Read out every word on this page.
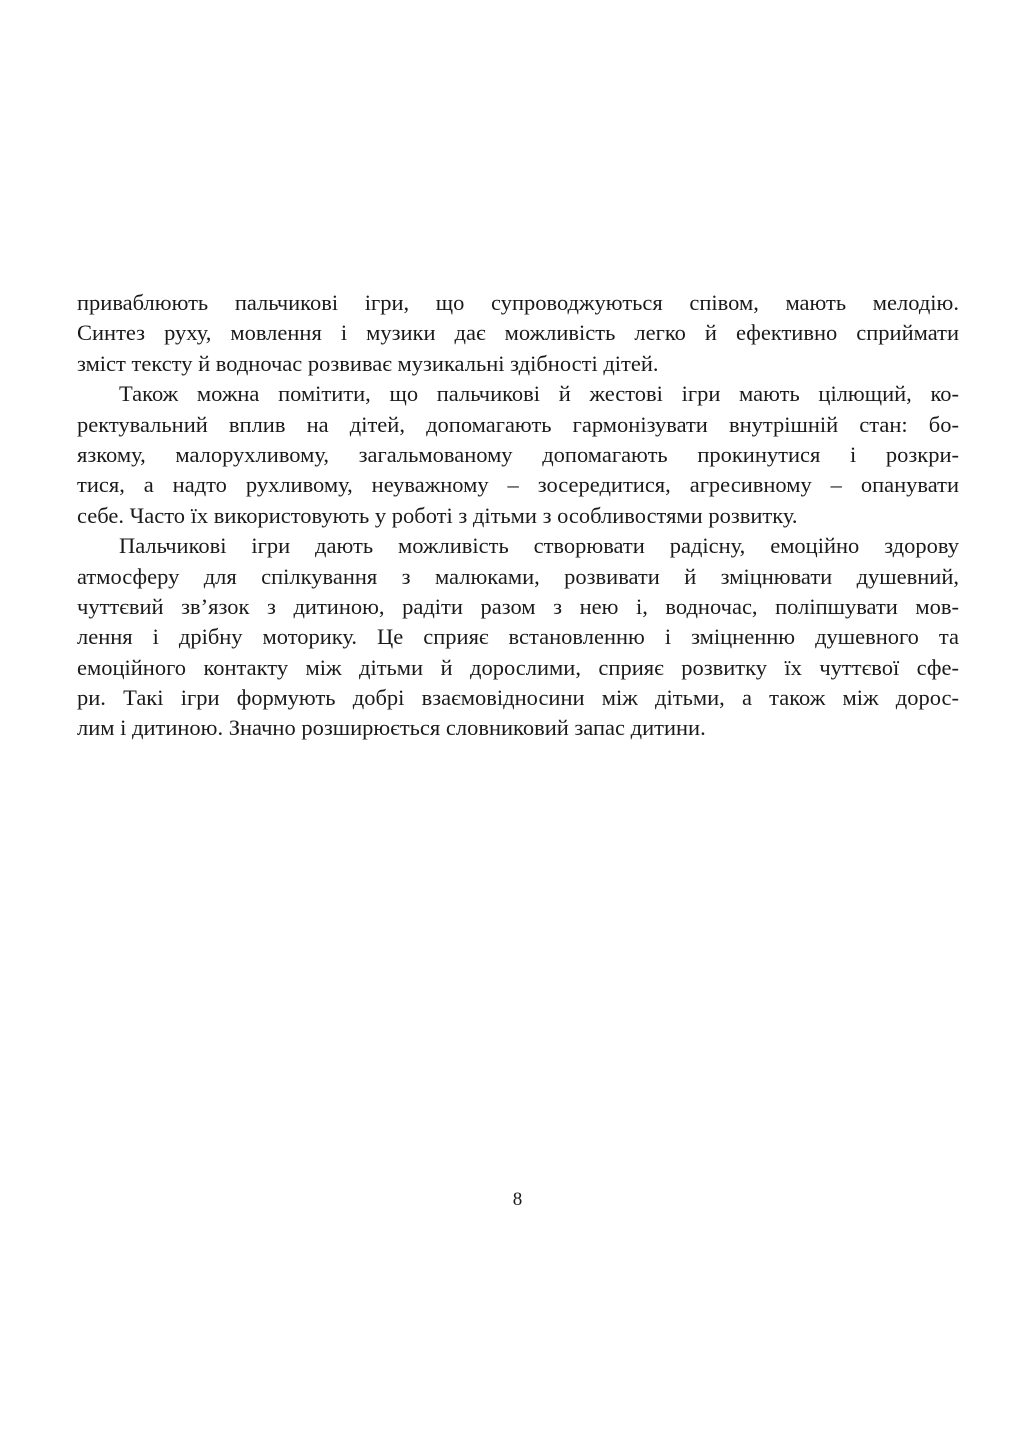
приваблюють пальчикові ігри, що супроводжуються співом, мають мелодію.
Синтез руху, мовлення і музики дає можливість легко й ефективно сприймати
зміст тексту й водночас розвиває музикальні здібності дітей.
Також можна помітити, що пальчикові й жестові ігри мають цілющий, ко-
ректувальний вплив на дітей, допомагають гармонізувати внутрішній стан: бо-
язкому, малорухливому, загальмованому допомагають прокинутися і розкри-
тися, а надто рухливому, неуважному – зосередитися, агресивному – опанувати
себе. Часто їх використовують у роботі з дітьми з особливостями розвитку.
Пальчикові ігри дають можливість створювати радісну, емоційно здорову
атмосферу для спілкування з малюками, розвивати й зміцнювати душевний,
чуттєвий зв’язок з дитиною, радіти разом з нею і, водночас, поліпшувати мов-
лення і дрібну моторику. Це сприяє встановленню і зміцненню душевного та
емоційного контакту між дітьми й дорослими, сприяє розвитку їх чуттєвої сфе-
ри. Такі ігри формують добрі взаємовідносини між дітьми, а також між дорос-
лим і дитиною. Значно розширюється словниковий запас дитини.
8
